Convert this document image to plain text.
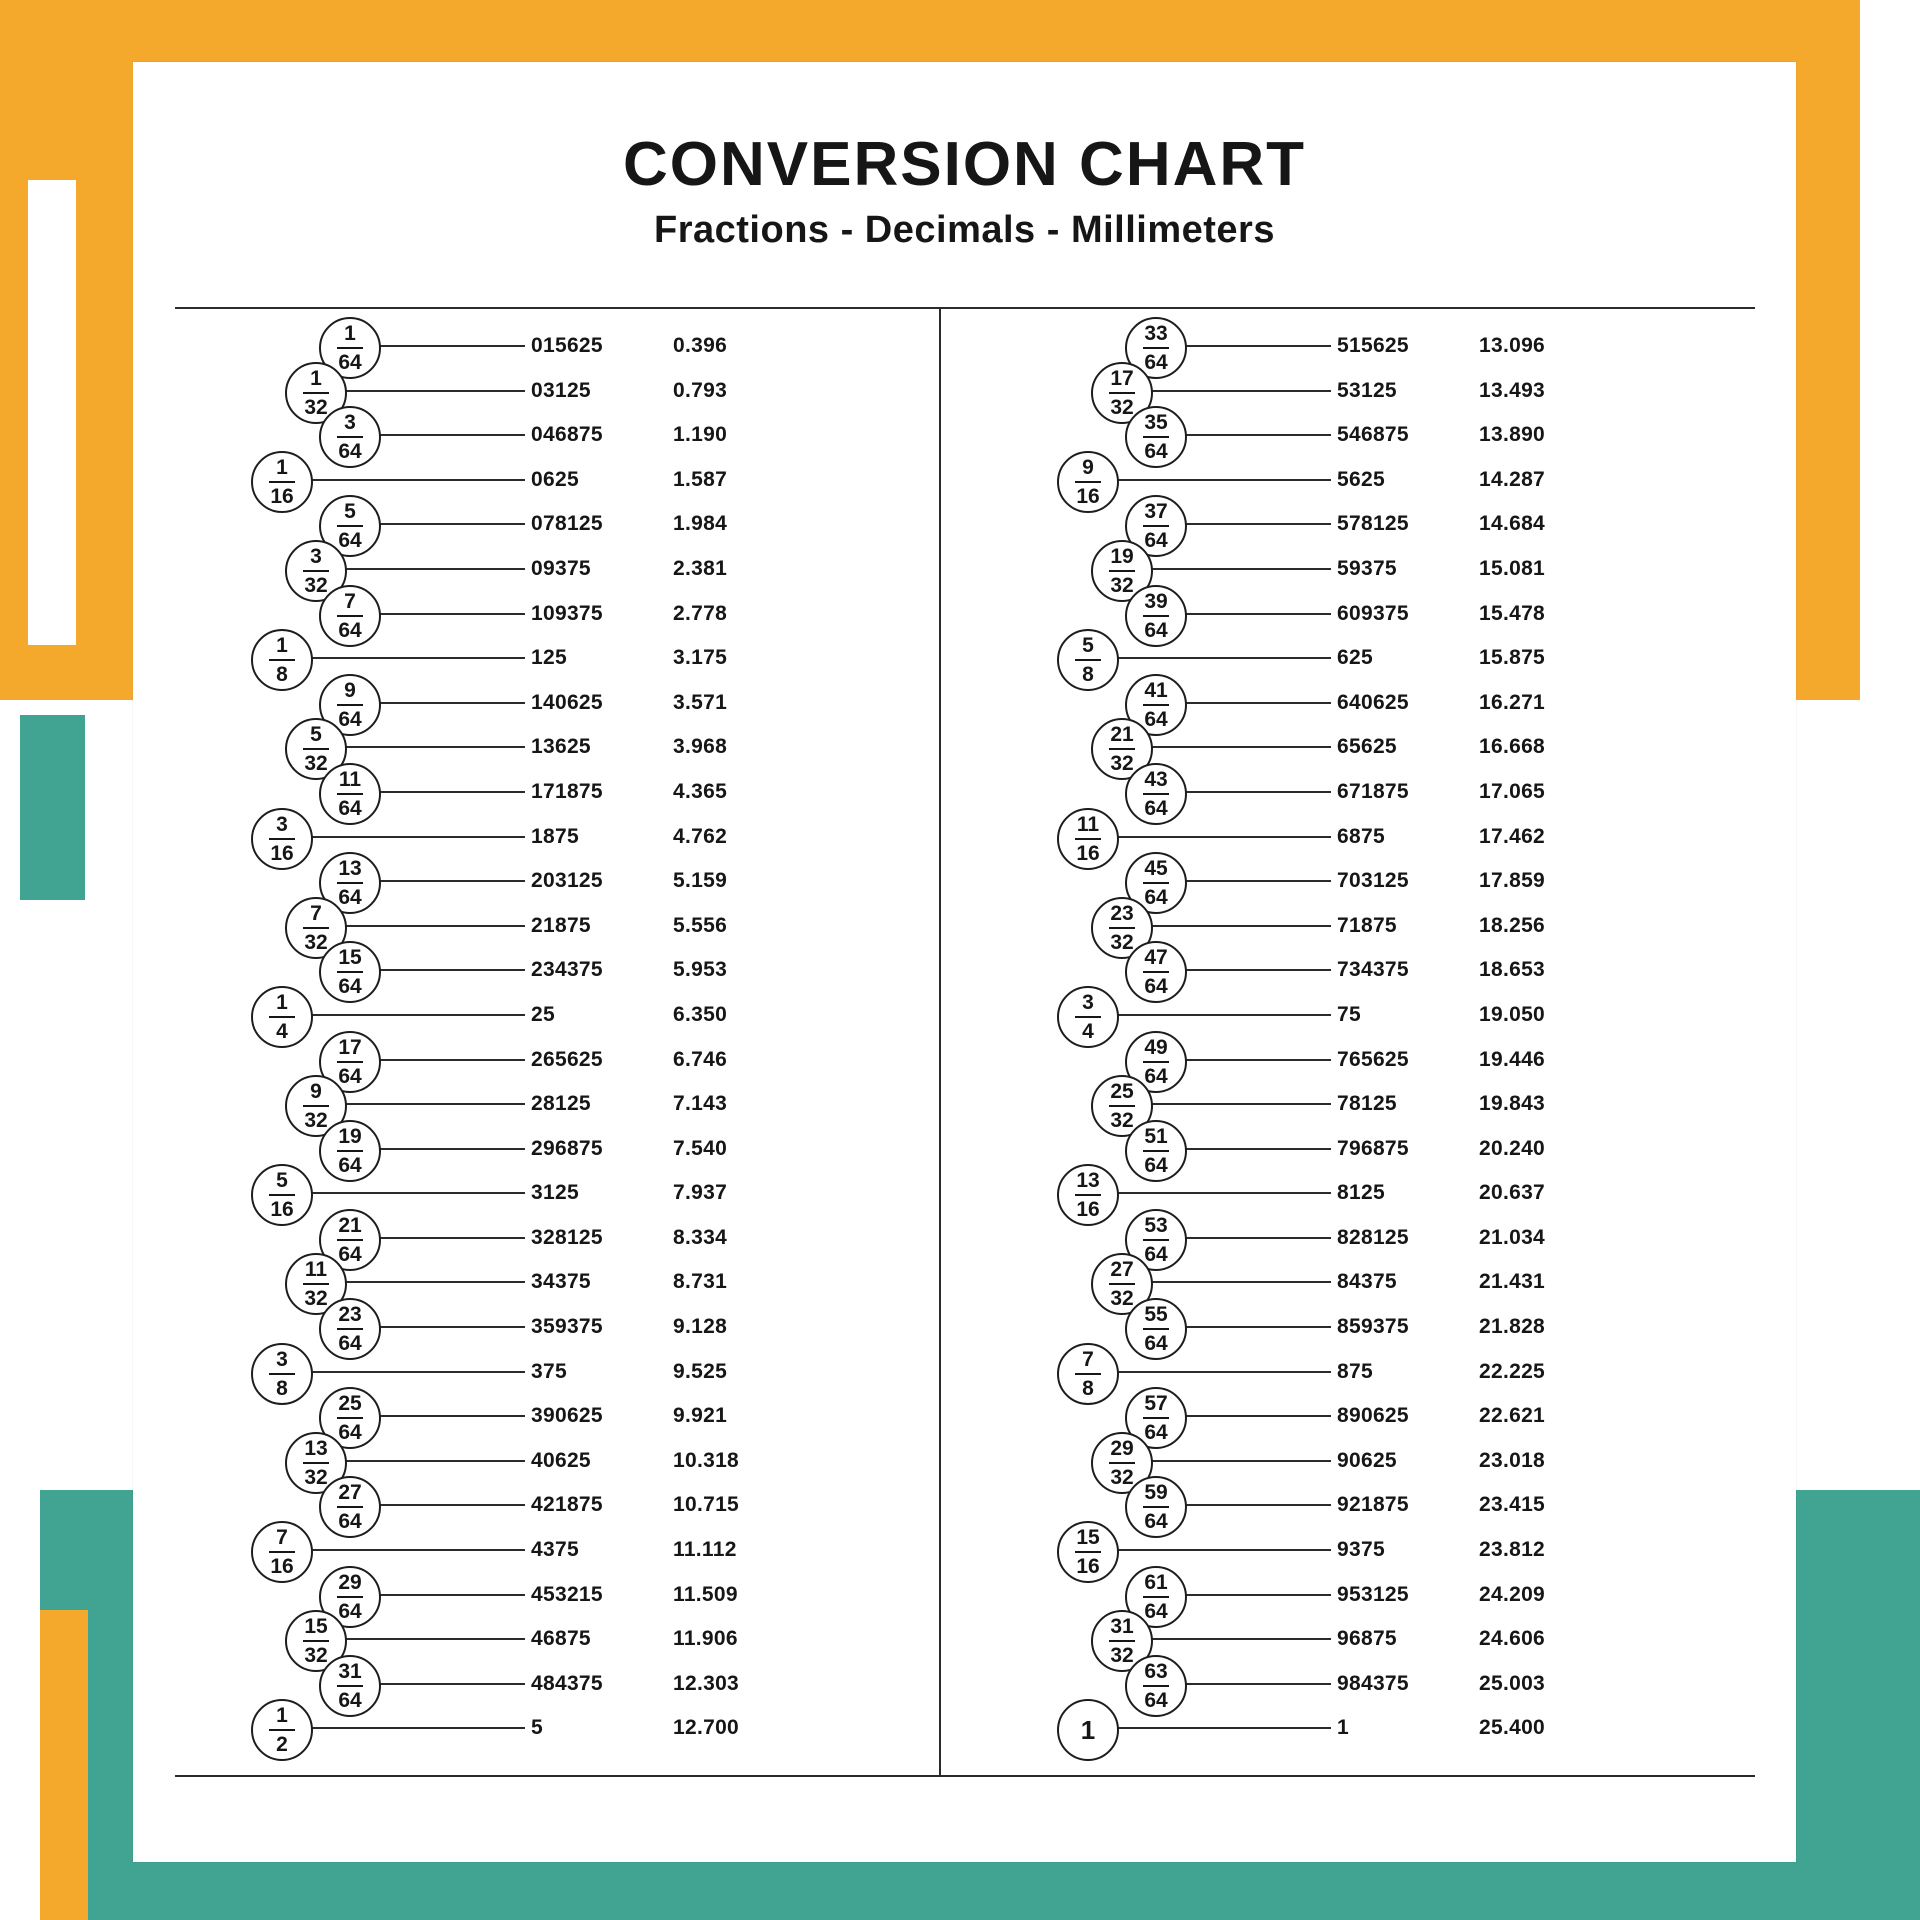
CONVERSION CHART
Fractions - Decimals - Millimeters
1
64
015625	0.396
1
32
03125	0.793
3
64
046875	1.190
1
16
0625	1.587
5
64
078125	1.984
3
32
09375	2.381
7
64
109375	2.778
1
8
125	3.175
9
64
140625	3.571
5
32
13625	3.968
11
64
171875	4.365
3
16
1875	4.762
13
64
203125	5.159
7
32
21875	5.556
15
64
234375	5.953
1
4
25	6.350
17
64
265625	6.746
9
32
28125	7.143
19
64
296875	7.540
5
16
3125	7.937
21
64
328125	8.334
11
32
34375	8.731
23
64
359375	9.128
3
8
375	9.525
25
64
390625	9.921
13
32
40625	10.318
27
64
421875	10.715
7
16
4375	11.112
29
64
453215	11.509
15
32
46875	11.906
31
64
484375	12.303
1
2
5	12.700
33
64
515625	13.096
17
32
53125	13.493
35
64
546875	13.890
9
16
5625	14.287
37
64
578125	14.684
19
32
59375	15.081
39
64
609375	15.478
5
8
625	15.875
41
64
640625	16.271
21
32
65625	16.668
43
64
671875	17.065
11
16
6875	17.462
45
64
703125	17.859
23
32
71875	18.256
47
64
734375	18.653
3
4
75	19.050
49
64
765625	19.446
25
32
78125	19.843
51
64
796875	20.240
13
16
8125	20.637
53
64
828125	21.034
27
32
84375	21.431
55
64
859375	21.828
7
8
875	22.225
57
64
890625	22.621
29
32
90625	23.018
59
64
921875	23.415
15
16
9375	23.812
61
64
953125	24.209
31
32
96875	24.606
63
64
984375	25.003
1	1	25.400
